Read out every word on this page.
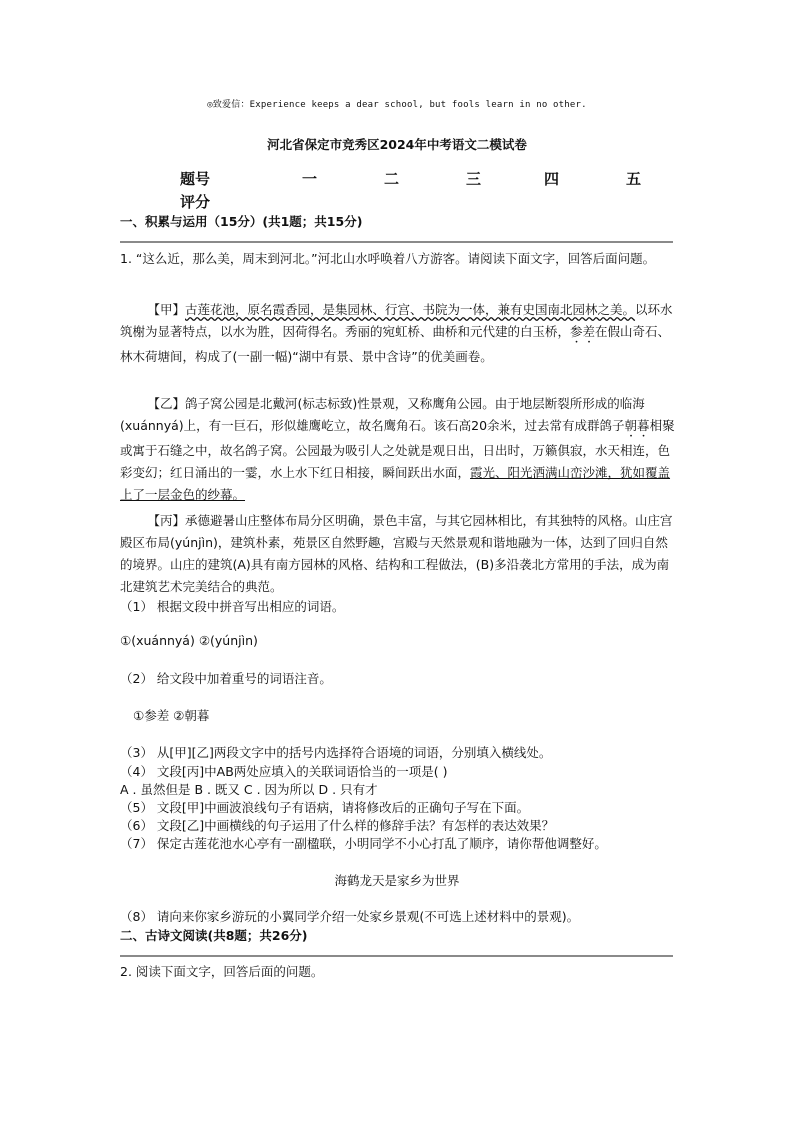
◎致爱信：Experience keeps a dear school, but fools learn in no other.
河北省保定市竞秀区2024年中考语文二模试卷
题号	一	二	三	四	五
评分
一、积累与运用（15分）(共1题；共15分)
1. “这么近，那么美，周末到河北。”河北山水呼唤着八方游客。请阅读下面文字，回答后面问题。
【甲】古莲花池，原名霞香园，是集园林、行宫、书院为一体，兼有史国南北园林之美。以环水筑榭为显著特点，以水为胜，因荷得名。秀丽的宛虹桥、曲桥和元代建的白玉桥，参差在假山奇石、林木荷塘间，构成了(一副一幅)“湖中有景、景中含诗”的优美画卷。
【乙】鸽子窝公园是北戴河(标志标致)性景观，又称鹰角公园。由于地层断裂所形成的临海(xuánnyá)上，有一巨石，形似雄鹰屹立，故名鹰角石。该石高20余米，过去常有成群鸽子朝暮相聚或寓于石缝之中，故名鸽子窝。公园最为吸引人之处就是观日出，日出时，万籁俱寂，水天相连，色彩变幻；红日涌出的一霎，水上水下红日相接，瞬间跃出水面，霞光、阳光洒满山峦沙滩，犹如覆盖上了一层金色的纱幕。
【丙】承德避暑山庄整体布局分区明确，景色丰富，与其它园林相比，有其独特的风格。山庄宫殿区布局(yúnjìn)，建筑朴素，苑景区自然野趣，宫殿与天然景观和谐地融为一体，达到了回归自然的境界。山庄的建筑(A)具有南方园林的风格、结构和工程做法，(B)多沿袭北方常用的手法，成为南北建筑艺术完美结合的典范。
（1） 根据文段中拼音写出相应的词语。
①(xuánnyá) ②(yúnjìn)
（2） 给文段中加着重号的词语注音。
①参差 ②朝暮
（3） 从[甲][乙]两段文字中的括号内选择符合语境的词语，分别填入横线处。
（4） 文段[丙]中AB两处应填入的关联词语恰当的一项是( )
A . 虽然但是 B . 既又 C . 因为所以 D . 只有才
（5） 文段[甲]中画波浪线句子有语病，请将修改后的正确句子写在下面。
（6） 文段[乙]中画横线的句子运用了什么样的修辞手法？有怎样的表达效果？
（7） 保定古莲花池水心亭有一副楹联，小明同学不小心打乱了顺序，请你帮他调整好。
海鹤龙天是家乡为世界
（8） 请向来你家乡游玩的小翼同学介绍一处家乡景观(不可选上述材料中的景观)。
二、古诗文阅读(共8题；共26分)
2. 阅读下面文字，回答后面的问题。
